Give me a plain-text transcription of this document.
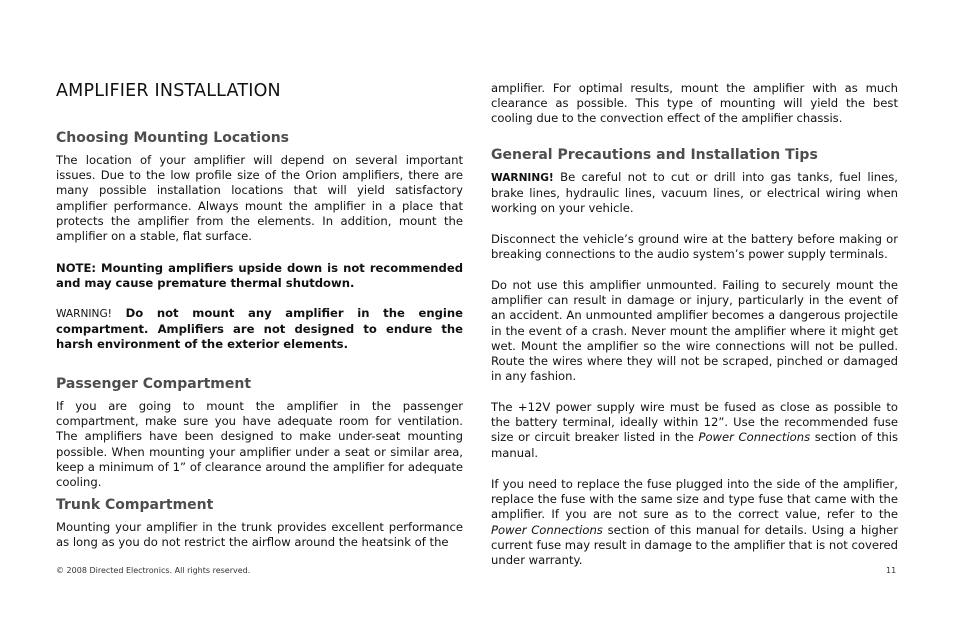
AMPLIFIER INSTALLATION
Choosing Mounting Locations

The location of your amplifier will depend on several important issues. Due to the low profile size of the Orion amplifiers, there are many possible installation locations that will yield satisfactory amplifier performance. Always mount the amplifier in a place that protects the amplifier from the elements. In addition, mount the amplifier on a stable, flat surface.

NOTE: Mounting amplifiers upside down is not recommended and may cause premature thermal shutdown.

WARNING! Do not mount any amplifier in the engine compartment. Amplifiers are not designed to endure the harsh environment of the exterior elements.

Passenger Compartment

If you are going to mount the amplifier in the passenger compartment, make sure you have adequate room for ventilation. The amplifiers have been designed to make under-seat mounting possible. When mounting your amplifier under a seat or similar area, keep a minimum of 1” of clearance around the amplifier for adequate cooling.

Trunk Compartment

Mounting your amplifier in the trunk provides excellent performance as long as you do not restrict the airflow around the heatsink of the

© 2008 Directed Electronics. All rights reserved.

amplifier. For optimal results, mount the amplifier with as much clearance as possible. This type of mounting will yield the best cooling due to the convection effect of the amplifier chassis.

General Precautions and Installation Tips

WARNING! Be careful not to cut or drill into gas tanks, fuel lines, brake lines, hydraulic lines, vacuum lines, or electrical wiring when working on your vehicle.

Disconnect the vehicle’s ground wire at the battery before making or breaking connections to the audio system’s power supply terminals.

Do not use this amplifier unmounted. Failing to securely mount the amplifier can result in damage or injury, particularly in the event of an accident. An unmounted amplifier becomes a dangerous projectile in the event of a crash. Never mount the amplifier where it might get wet. Mount the amplifier so the wire connections will not be pulled. Route the wires where they will not be scraped, pinched or damaged in any fashion.

The +12V power supply wire must be fused as close as possible to the battery terminal, ideally within 12”. Use the recommended fuse size or circuit breaker listed in the Power Connections section of this manual.

If you need to replace the fuse plugged into the side of the amplifier, replace the fuse with the same size and type fuse that came with the amplifier. If you are not sure as to the correct value, refer to the Power Connections section of this manual for details. Using a higher current fuse may result in damage to the amplifier that is not covered under warranty.

11
